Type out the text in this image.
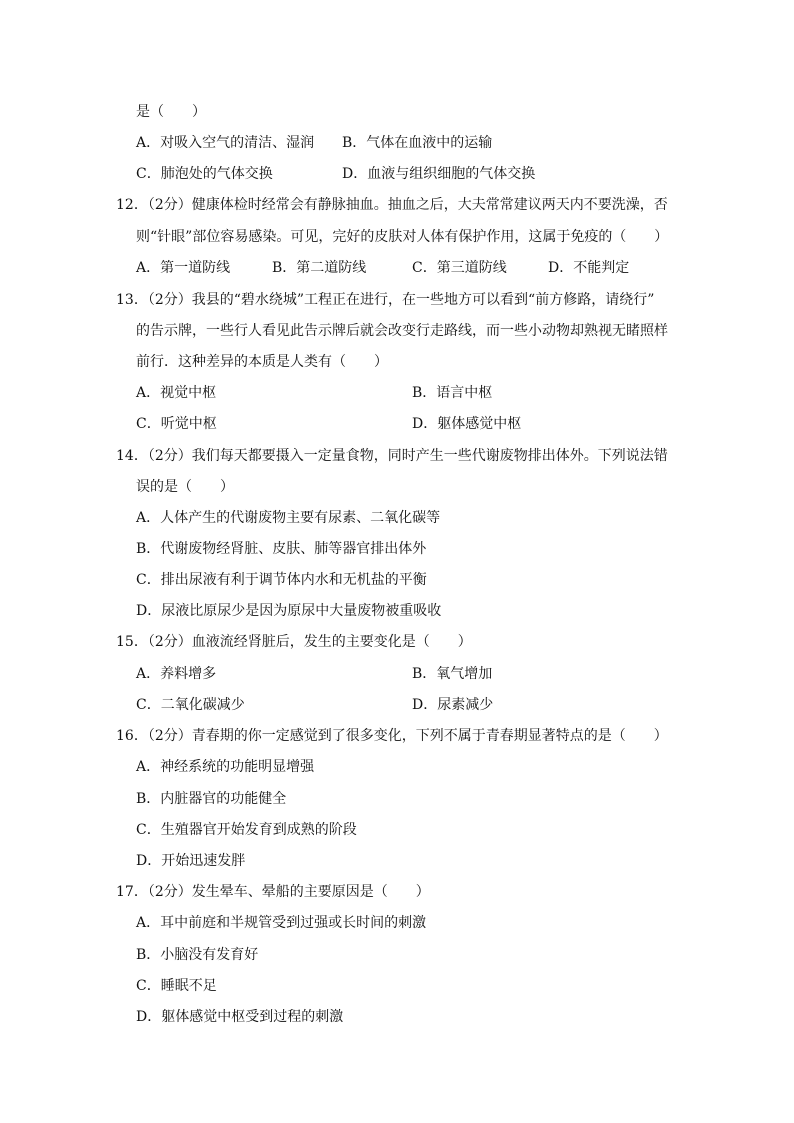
是（　　）
A．对吸入空气的清洁、湿润 B．气体在血液中的运输
C．肺泡处的气体交换	D．血液与组织细胞的气体交换
12．（2分）健康体检时经常会有静脉抽血。抽血之后，大夫常常建议两天内不要洗澡，否
则“针眼”部位容易感染。可见，完好的皮肤对人体有保护作用，这属于免疫的（　　）
A．第一道防线	B．第二道防线	C．第三道防线	D．不能判定
13．（2分）我县的“碧水绕城”工程正在进行，在一些地方可以看到“前方修路，请绕行”
的告示牌，一些行人看见此告示牌后就会改变行走路线，而一些小动物却熟视无睹照样
前行．这种差异的本质是人类有（　　）
A．视觉中枢	B．语言中枢
C．听觉中枢	D．躯体感觉中枢
14．（2分）我们每天都要摄入一定量食物，同时产生一些代谢废物排出体外。下列说法错
误的是（　　）
A．人体产生的代谢废物主要有尿素、二氧化碳等
B．代谢废物经肾脏、皮肤、肺等器官排出体外
C．排出尿液有利于调节体内水和无机盐的平衡
D．尿液比原尿少是因为原尿中大量废物被重吸收
15．（2分）血液流经肾脏后，发生的主要变化是（　　）
A．养料增多	B．氧气增加
C．二氧化碳减少	D．尿素减少
16．（2分）青春期的你一定感觉到了很多变化，下列不属于青春期显著特点的是（　　）
A．神经系统的功能明显增强
B．内脏器官的功能健全
C．生殖器官开始发育到成熟的阶段
D．开始迅速发胖
17．（2分）发生晕车、晕船的主要原因是（　　）
A．耳中前庭和半规管受到过强或长时间的刺激
B．小脑没有发育好
C．睡眠不足
D．躯体感觉中枢受到过程的刺激
